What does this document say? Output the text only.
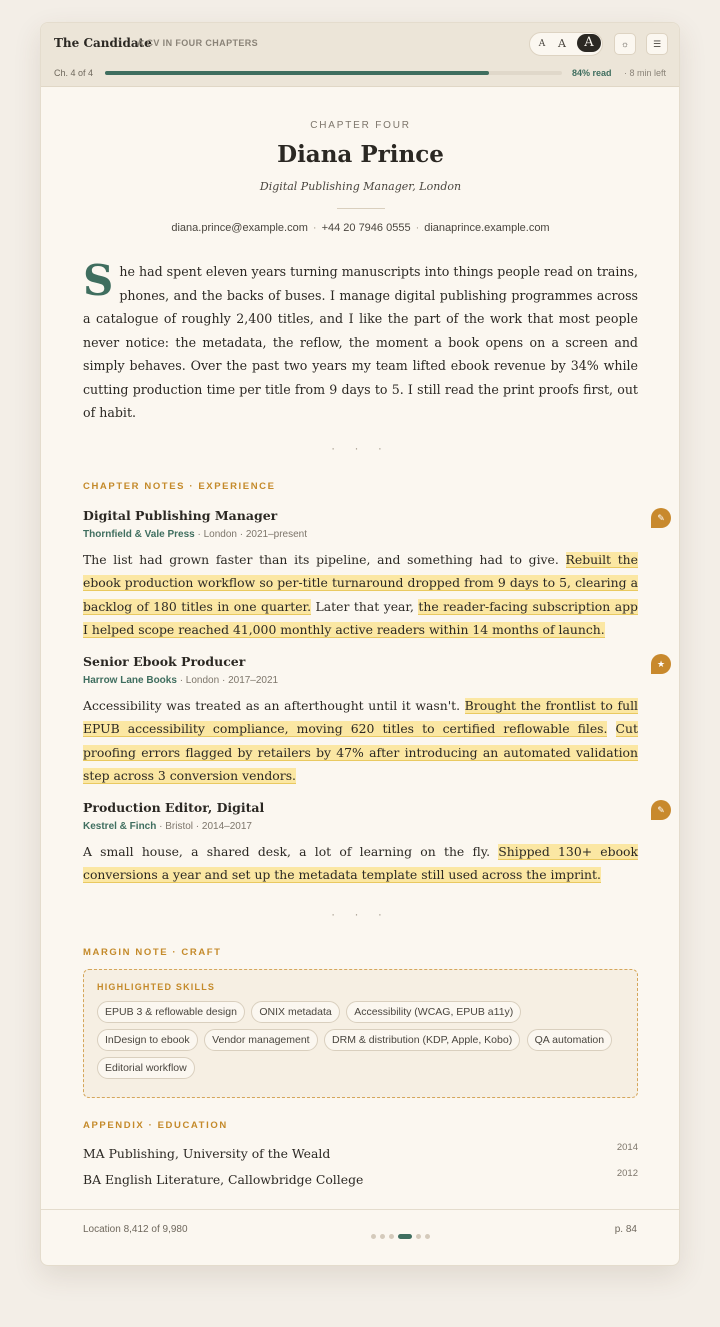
The Candidate
A CV IN FOUR CHAPTERS	A	A	A	☼	☰
Ch. 4 of 4	84% read · 8 min left
CHAPTER FOUR
Diana Prince
Digital Publishing Manager, London
diana.prince@example.com · +44 20 7946 0555 · dianaprince.example.com
She had spent eleven years turning manuscripts into things people read on trains, phones, and the backs of buses. I manage digital publishing programmes across a catalogue of roughly 2,400 titles, and I like the part of the work that most people never notice: the metadata, the reflow, the moment a book opens on a screen and simply behaves. Over the past two years my team lifted ebook revenue by 34% while cutting production time per title from 9 days to 5. I still read the print proofs first, out of habit.
· · ·
CHAPTER NOTES · EXPERIENCE
✎
Digital Publishing Manager
Thornfield & Vale Press · London · 2021–present
The list had grown faster than its pipeline, and something had to give. Rebuilt the ebook production workflow so per-title turnaround dropped from 9 days to 5, clearing a backlog of 180 titles in one quarter. Later that year, the reader-facing subscription app I helped scope reached 41,000 monthly active readers within 14 months of launch.
★
Senior Ebook Producer
Harrow Lane Books · London · 2017–2021
Accessibility was treated as an afterthought until it wasn't. Brought the frontlist to full EPUB accessibility compliance, moving 620 titles to certified reflowable files. Cut proofing errors flagged by retailers by 47% after introducing an automated validation step across 3 conversion vendors.
✎
Production Editor, Digital
Kestrel & Finch · Bristol · 2014–2017
A small house, a shared desk, a lot of learning on the fly. Shipped 130+ ebook conversions a year and set up the metadata template still used across the imprint.
· · ·
MARGIN NOTE · CRAFT
HIGHLIGHTED SKILLS
EPUB 3 & reflowable design ONIX metadata Accessibility (WCAG, EPUB a11y) InDesign to ebook Vendor management DRM & distribution (KDP, Apple, Kobo) QA automation Editorial workflow
APPENDIX · EDUCATION
MA Publishing, University of the Weald	2014
BA English Literature, Callowbridge College	2012
Location 8,412 of 9,980	p. 84
